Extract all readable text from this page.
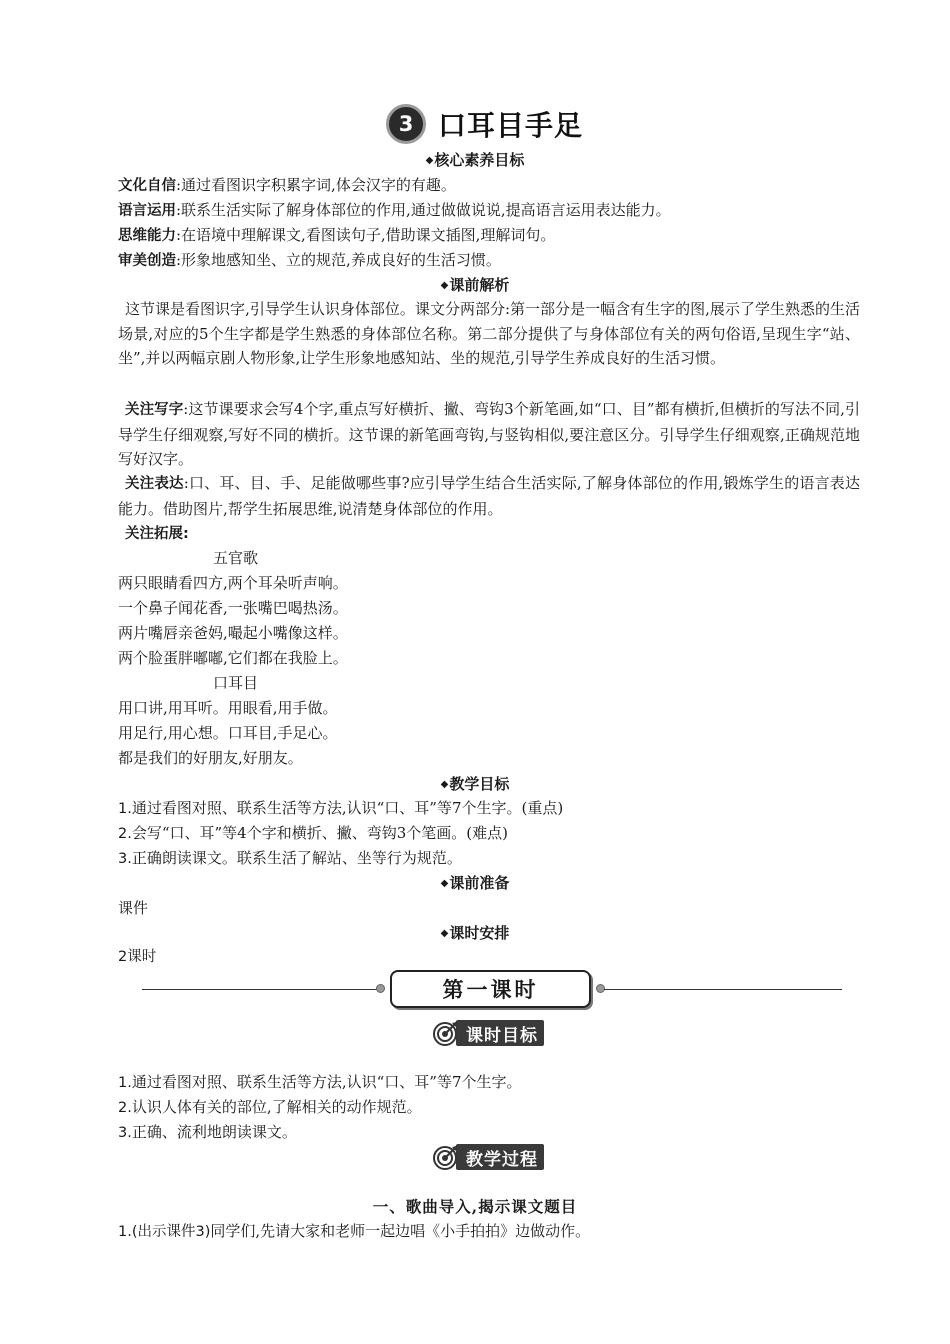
3 口耳目手足
◆核心素养目标
文化自信:通过看图识字积累字词,体会汉字的有趣。
语言运用:联系生活实际了解身体部位的作用,通过做做说说,提高语言运用表达能力。
思维能力:在语境中理解课文,看图读句子,借助课文插图,理解词句。
审美创造:形象地感知坐、立的规范,养成良好的生活习惯。
◆课前解析
这节课是看图识字,引导学生认识身体部位。课文分两部分:第一部分是一幅含有生字的图,展示了学生熟悉的生活场景,对应的5个生字都是学生熟悉的身体部位名称。第二部分提供了与身体部位有关的两句俗语,呈现生字“站、坐”,并以两幅京剧人物形象,让学生形象地感知站、坐的规范,引导学生养成良好的生活习惯。
关注写字:这节课要求会写4个字,重点写好横折、撇、弯钩3个新笔画,如“口、目”都有横折,但横折的写法不同,引导学生仔细观察,写好不同的横折。这节课的新笔画弯钩,与竖钩相似,要注意区分。引导学生仔细观察,正确规范地写好汉字。
关注表达:口、耳、目、手、足能做哪些事?应引导学生结合生活实际,了解身体部位的作用,锻炼学生的语言表达能力。借助图片,帮学生拓展思维,说清楚身体部位的作用。
关注拓展:
五官歌
两只眼睛看四方,两个耳朵听声响。
一个鼻子闻花香,一张嘴巴喝热汤。
两片嘴唇亲爸妈,嘬起小嘴像这样。
两个脸蛋胖嘟嘟,它们都在我脸上。
口耳目
用口讲,用耳听。用眼看,用手做。
用足行,用心想。口耳目,手足心。
都是我们的好朋友,好朋友。
◆教学目标
1.通过看图对照、联系生活等方法,认识“口、耳”等7个生字。(重点)
2.会写“口、耳”等4个字和横折、撇、弯钩3个笔画。(难点)
3.正确朗读课文。联系生活了解站、坐等行为规范。
◆课前准备
课件
◆课时安排
2课时
第一课时
课时目标
1.通过看图对照、联系生活等方法,认识“口、耳”等7个生字。
2.认识人体有关的部位,了解相关的动作规范。
3.正确、流利地朗读课文。
教学过程
一、歌曲导入,揭示课文题目
1.(出示课件3)同学们,先请大家和老师一起边唱《小手拍拍》边做动作。
